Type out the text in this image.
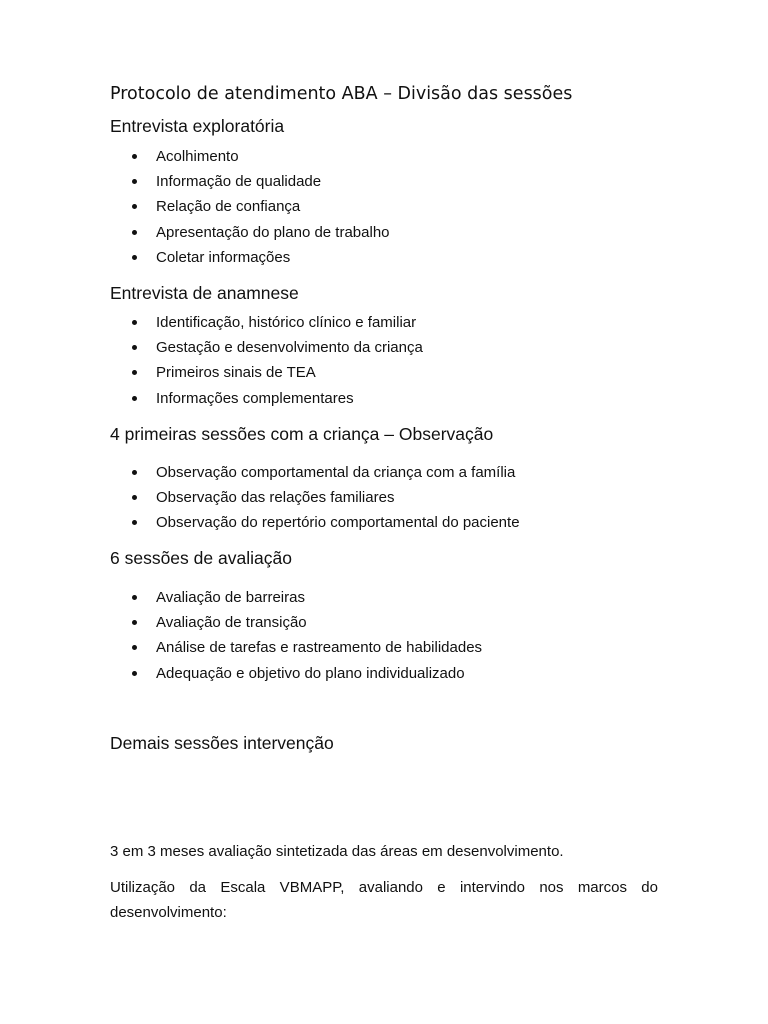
Protocolo de atendimento ABA – Divisão das sessões
Entrevista exploratória
Acolhimento
Informação de qualidade
Relação de confiança
Apresentação do plano de trabalho
Coletar informações
Entrevista de anamnese
Identificação, histórico clínico e familiar
Gestação e desenvolvimento da criança
Primeiros sinais de TEA
Informações complementares
4 primeiras sessões com a criança – Observação
Observação comportamental da criança com a família
Observação das relações familiares
Observação do repertório comportamental do paciente
6 sessões de avaliação
Avaliação de barreiras
Avaliação de transição
Análise de tarefas e rastreamento de habilidades
Adequação e objetivo do plano individualizado
Demais sessões intervenção
3 em 3 meses avaliação sintetizada das áreas em desenvolvimento.
Utilização da Escala VBMAPP, avaliando e intervindo nos marcos do desenvolvimento:
